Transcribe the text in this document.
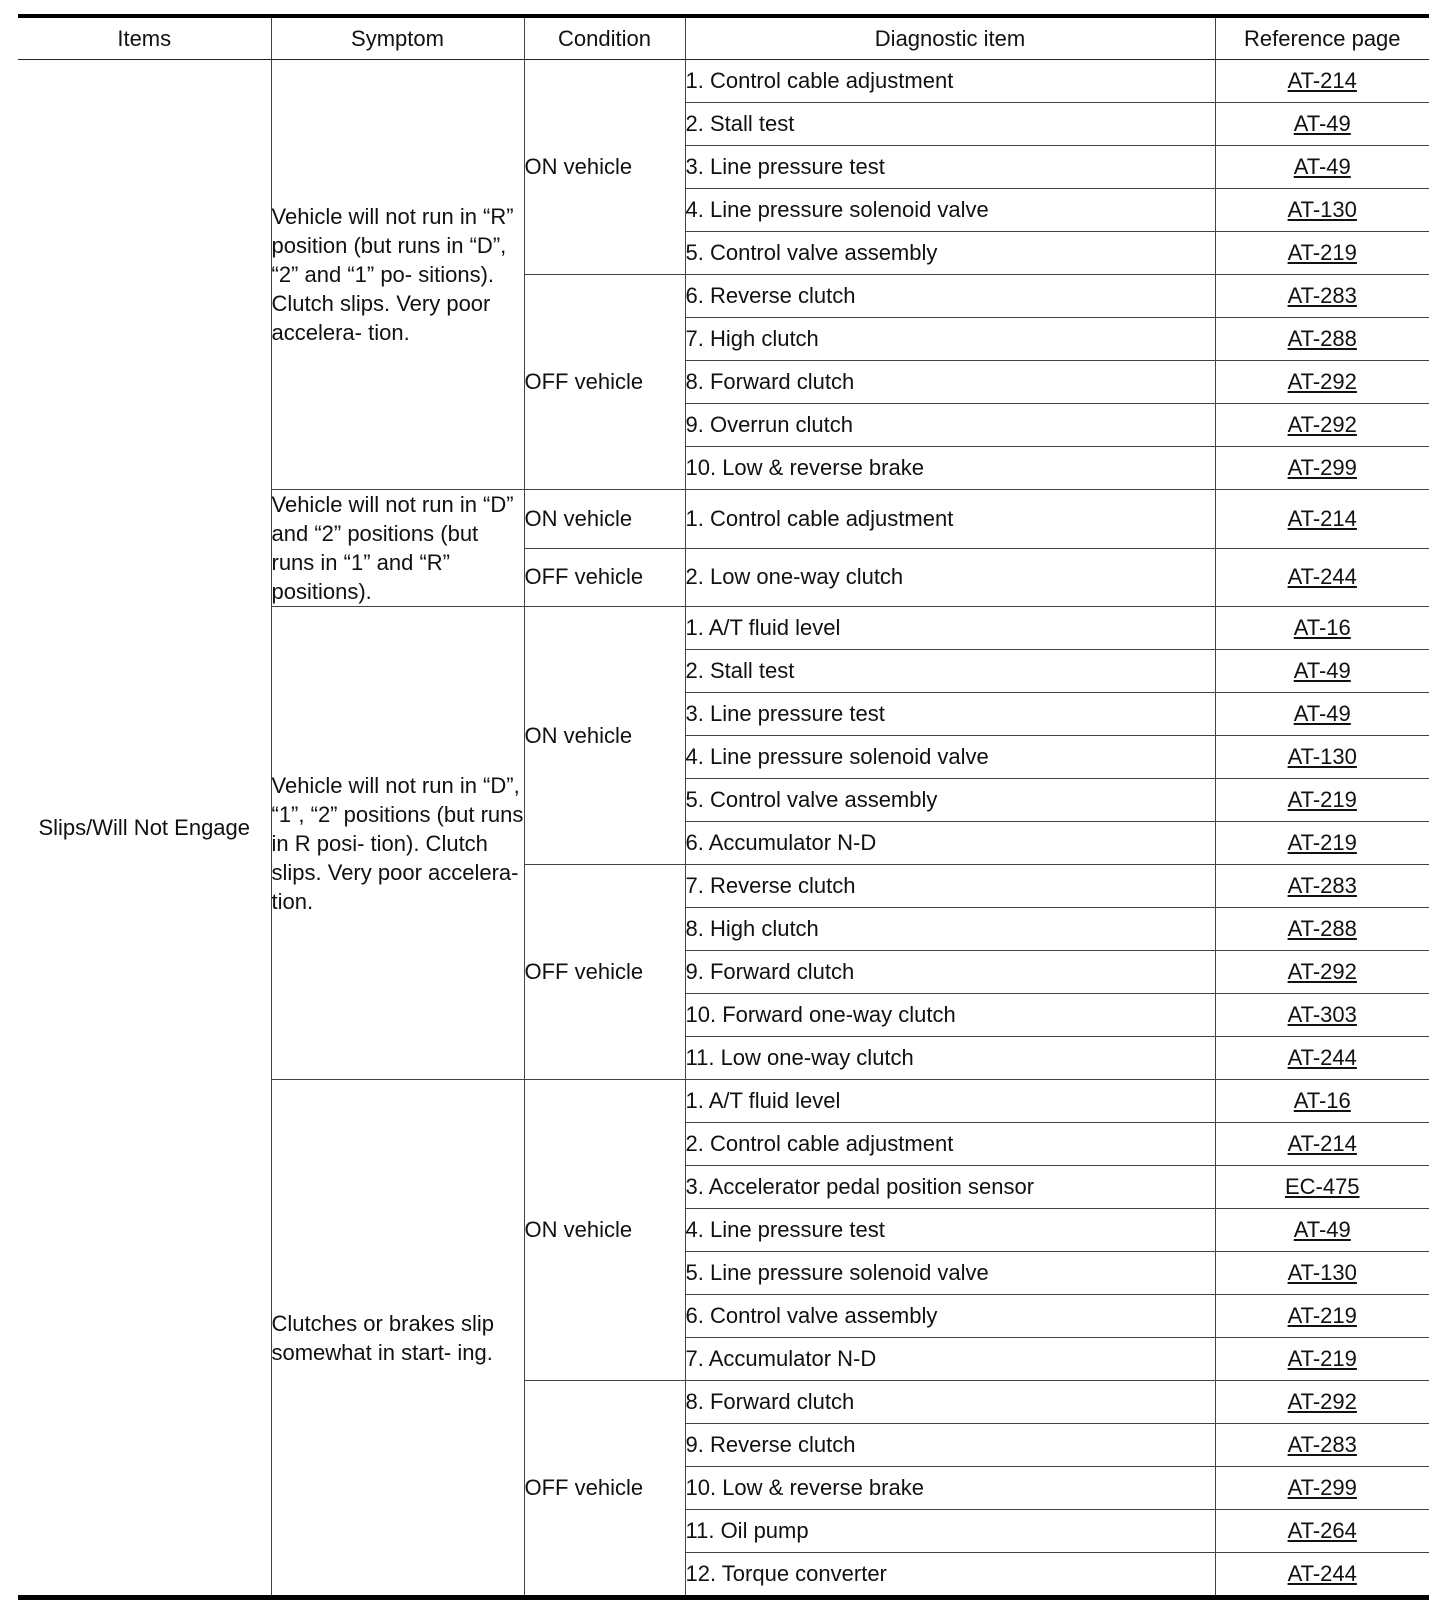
Items	Symptom	Condition	Diagnostic item	Reference page
Slips/Will Not Engage	Vehicle will not run in “R” position (but runs in “D”, “2” and “1” po- sitions). Clutch slips. Very poor accelera- tion.	ON vehicle	1. Control cable adjustment	AT-214
			2. Stall test	AT-49
			3. Line pressure test	AT-49
			4. Line pressure solenoid valve	AT-130
			5. Control valve assembly	AT-219
		OFF vehicle	6. Reverse clutch	AT-283
			7. High clutch	AT-288
			8. Forward clutch	AT-292
			9. Overrun clutch	AT-292
			10. Low & reverse brake	AT-299
	Vehicle will not run in “D” and “2” positions (but runs in “1” and “R” positions).	ON vehicle	1. Control cable adjustment	AT-214
		OFF vehicle	2. Low one-way clutch	AT-244
	Vehicle will not run in “D”, “1”, “2” positions (but runs in R posi- tion). Clutch slips. Very poor accelera- tion.	ON vehicle	1. A/T fluid level	AT-16
			2. Stall test	AT-49
			3. Line pressure test	AT-49
			4. Line pressure solenoid valve	AT-130
			5. Control valve assembly	AT-219
			6. Accumulator N-D	AT-219
		OFF vehicle	7. Reverse clutch	AT-283
			8. High clutch	AT-288
			9. Forward clutch	AT-292
			10. Forward one-way clutch	AT-303
			11. Low one-way clutch	AT-244
	Clutches or brakes slip somewhat in start- ing.	ON vehicle	1. A/T fluid level	AT-16
			2. Control cable adjustment	AT-214
			3. Accelerator pedal position sensor	EC-475
			4. Line pressure test	AT-49
			5. Line pressure solenoid valve	AT-130
			6. Control valve assembly	AT-219
			7. Accumulator N-D	AT-219
		OFF vehicle	8. Forward clutch	AT-292
			9. Reverse clutch	AT-283
			10. Low & reverse brake	AT-299
			11. Oil pump	AT-264
			12. Torque converter	AT-244
